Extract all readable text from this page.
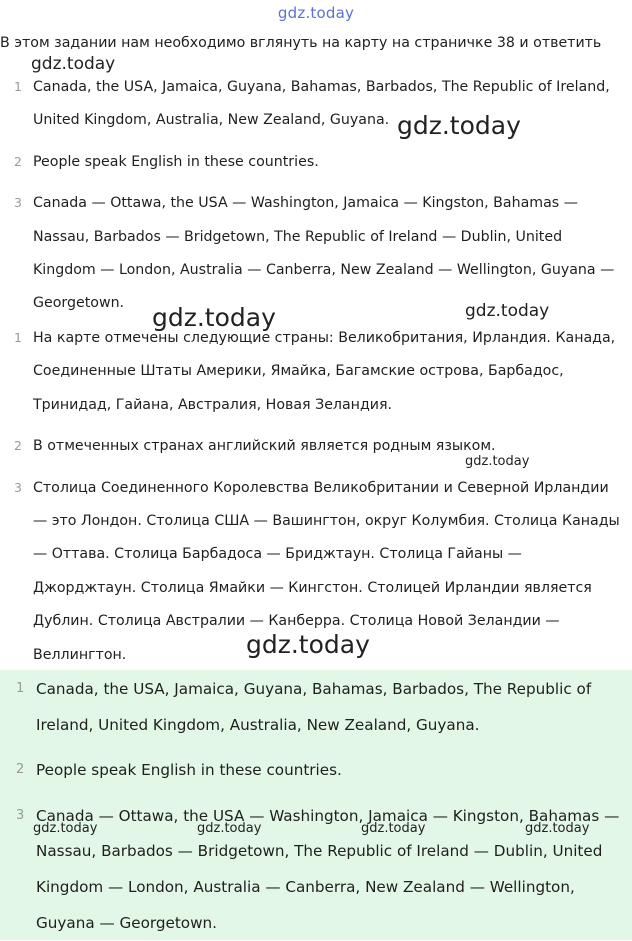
gdz.today
В этом задании нам необходимо вглянуть на карту на страничке 38 и ответить
1 Canada, the USA, Jamaica, Guyana, Bahamas, Barbados, The Republic of Ireland, United Kingdom, Australia, New Zealand, Guyana.
2 People speak English in these countries.
3 Canada — Ottawa, the USA — Washington, Jamaica — Kingston, Bahamas — Nassau, Barbados — Bridgetown, The Republic of Ireland — Dublin, United Kingdom — London, Australia — Canberra, New Zealand — Wellington, Guyana — Georgetown.
1 На карте отмечены следующие страны: Великобритания, Ирландия. Канада, Соединенные Штаты Америки, Ямайка, Багамские острова, Барбадос, Тринидад, Гайана, Австралия, Новая Зеландия.
2 В отмеченных странах английский является родным языком.
3 Столица Соединенного Королевства Великобритании и Северной Ирландии — это Лондон. Столица США — Вашингтон, округ Колумбия. Столица Канады — Оттава. Столица Барбадоса — Бриджтаун. Столица Гайаны — Джорджтаун. Столица Ямайки — Кингстон. Столицей Ирландии является Дублин. Столица Австралии — Канберра. Столица Новой Зеландии — Веллингтон.
1 Canada, the USA, Jamaica, Guyana, Bahamas, Barbados, The Republic of Ireland, United Kingdom, Australia, New Zealand, Guyana.
2 People speak English in these countries.
3 Canada — Ottawa, the USA — Washington, Jamaica — Kingston, Bahamas — Nassau, Barbados — Bridgetown, The Republic of Ireland — Dublin, United Kingdom — London, Australia — Canberra, New Zealand — Wellington, Guyana — Georgetown.
gdz.today
gdz.today
gdz.today	gdz.today
gdz.today
gdz.today
gdz.today	gdz.today	gdz.today	gdz.today
